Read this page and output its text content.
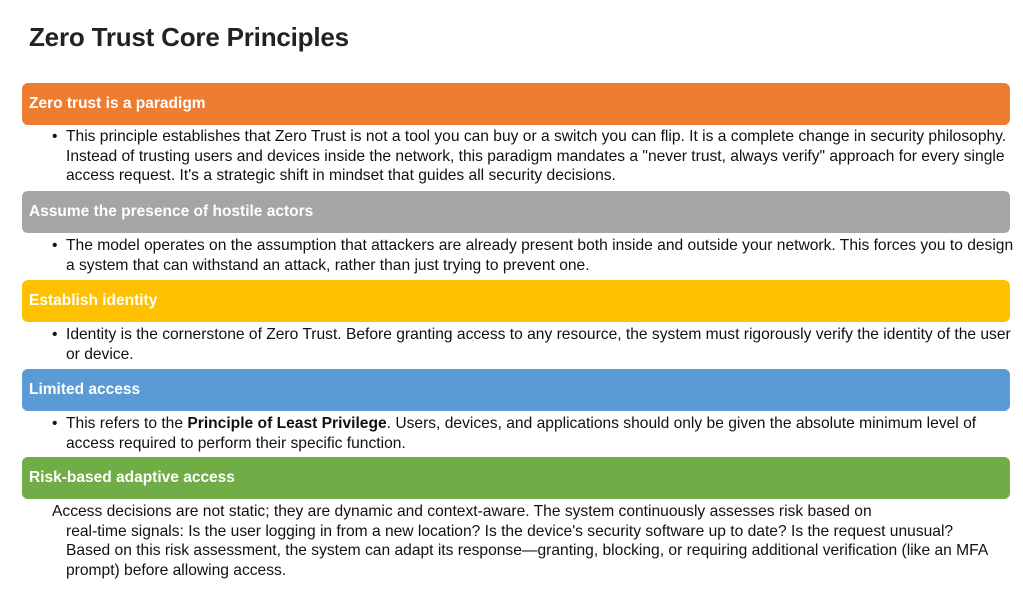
Zero Trust Core Principles
Zero trust is a paradigm
• This principle establishes that Zero Trust is not a tool you can buy or a switch you can flip. It is a complete change in security philosophy. Instead of trusting users and devices inside the network, this paradigm mandates a "never trust, always verify" approach for every single access request. It's a strategic shift in mindset that guides all security decisions.
Assume the presence of hostile actors
• The model operates on the assumption that attackers are already present both inside and outside your network. This forces you to design a system that can withstand an attack, rather than just trying to prevent one.
Establish identity
• Identity is the cornerstone of Zero Trust. Before granting access to any resource, the system must rigorously verify the identity of the user or device.
Limited access
• This refers to the Principle of Least Privilege. Users, devices, and applications should only be given the absolute minimum level of access required to perform their specific function.
Risk-based adaptive access
Access decisions are not static; they are dynamic and context-aware. The system continuously assesses risk based on
real-time signals: Is the user logging in from a new location? Is the device's security software up to date? Is the request unusual? Based on this risk assessment, the system can adapt its response—granting, blocking, or requiring additional verification (like an MFA prompt) before allowing access.
